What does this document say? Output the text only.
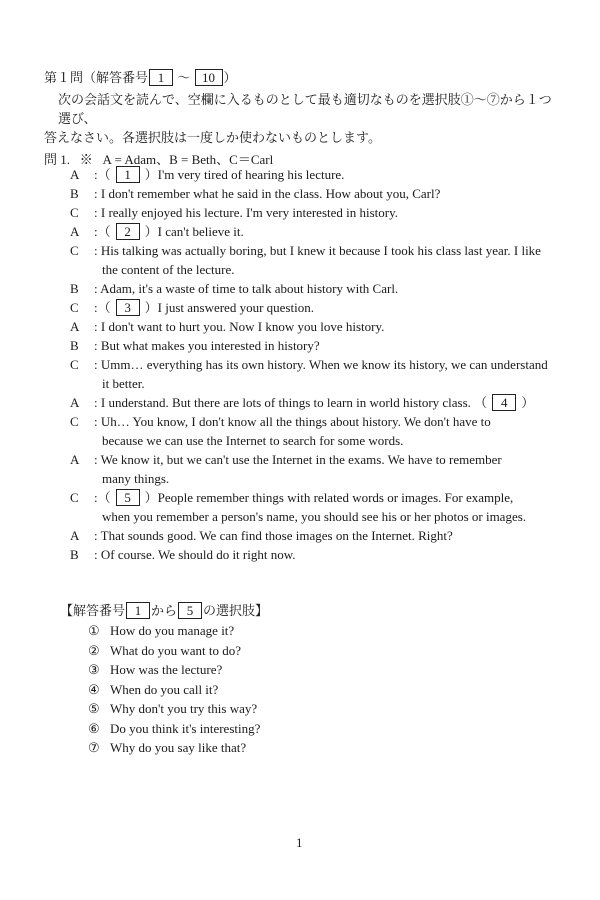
第１問（解答番号 1 ～ 10 ）
次の会話文を読んで、空欄に入るものとして最も適切なものを選択肢①～⑦から１つ選び、
答えなさい。各選択肢は一度しか使わないものとします。
問 1. ※ A = Adam、B = Beth、C＝Carl
A	:（ 1 ）I'm very tired of hearing his lecture.
B	: I don't remember what he said in the class. How about you, Carl?
C	: I really enjoyed his lecture. I'm very interested in history.
A	:（ 2 ）I can't believe it.
C	: His talking was actually boring, but I knew it because I took his class last year. I like
the content of the lecture.
B	: Adam, it's a waste of time to talk about history with Carl.
C	:（ 3 ）I just answered your question.
A	: I don't want to hurt you. Now I know you love history.
B	: But what makes you interested in history?
C	: Umm… everything has its own history. When we know its history, we can understand
it better.
A	: I understand. But there are lots of things to learn in world history class. （ 4 ）
C	: Uh… You know, I don't know all the things about history. We don't have to
because we can use the Internet to search for some words.
A	: We know it, but we can't use the Internet in the exams. We have to remember
many things.
C	:（ 5 ）People remember things with related words or images. For example,
when you remember a person's name, you should see his or her photos or images.
A	: That sounds good. We can find those images on the Internet. Right?
B	: Of course. We should do it right now.
【解答番号 1 から 5 の選択肢】
① How do you manage it?
② What do you want to do?
③ How was the lecture?
④ When do you call it?
⑤ Why don't you try this way?
⑥ Do you think it's interesting?
⑦ Why do you say like that?
1
